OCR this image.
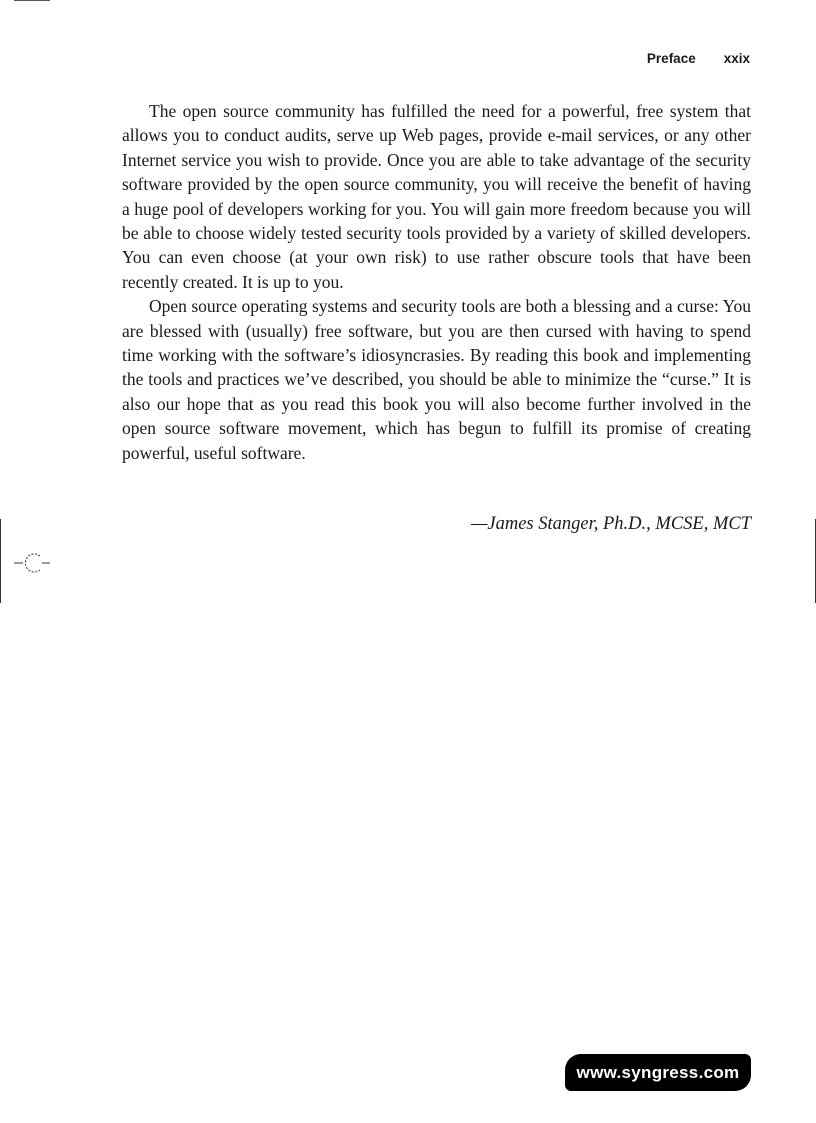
Preface xxix

The open source community has fulfilled the need for a powerful, free system that allows you to conduct audits, serve up Web pages, provide e-mail services, or any other Internet service you wish to provide. Once you are able to take advantage of the security software provided by the open source community, you will receive the benefit of having a huge pool of developers working for you. You will gain more freedom because you will be able to choose widely tested security tools provided by a variety of skilled developers. You can even choose (at your own risk) to use rather obscure tools that have been recently created. It is up to you.

Open source operating systems and security tools are both a blessing and a curse: You are blessed with (usually) free software, but you are then cursed with having to spend time working with the software’s idiosyncrasies. By reading this book and implementing the tools and practices we’ve described, you should be able to minimize the “curse.” It is also our hope that as you read this book you will also become further involved in the open source software movement, which has begun to fulfill its promise of creating powerful, useful software.

—James Stanger, Ph.D., MCSE, MCT
www.syngress.com
